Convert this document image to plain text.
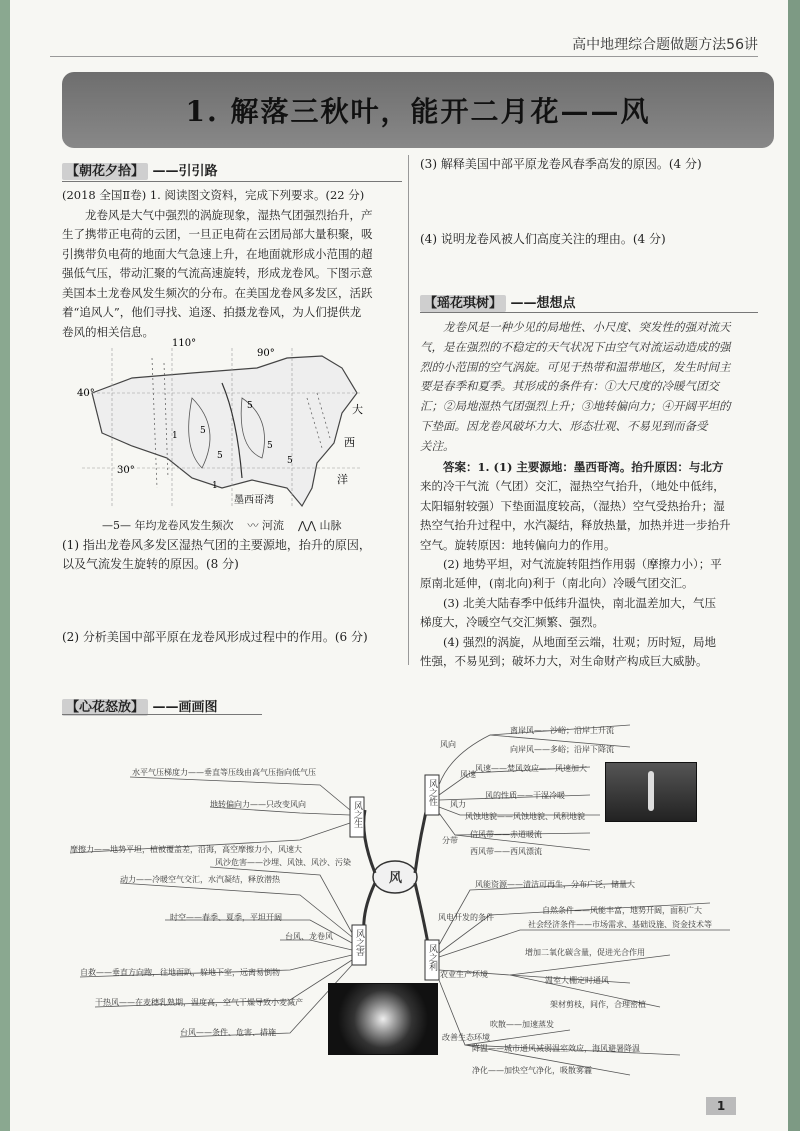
高中地理综合题做题方法56讲
1. 解落三秋叶，能开二月花——风
【朝花夕拾】 ——引引路

(2018 全国Ⅱ卷) 1. 阅读图文资料，完成下列要求。(22 分)

龙卷风是大气中强烈的涡旋现象，湿热气团强烈抬升，产

生了携带正电荷的云团，一旦正电荷在云团局部大量积聚，吸

引携带负电荷的地面大气急速上升，在地面就形成小范围的超

强低气压，带动汇聚的气流高速旋转，形成龙卷风。下图示意

美国本土龙卷风发生频次的分布。在美国龙卷风多发区，活跃

着“追风人”，他们寻找、追逐、拍摄龙卷风，为人们提供龙

卷风的相关信息。

110°
90°
40°
30°
墨西哥湾
大
西
洋
5
5
5
5
5
1
1
—5— 年均龙卷风发生频次 〰 河流 ⋀⋀ 山脉
(1) 指出龙卷风多发区湿热气团的主要源地，抬升的原因，
以及气流发生旋转的原因。(8 分)
(2) 分析美国中部平原在龙卷风形成过程中的作用。(6 分)
(3) 解释美国中部平原龙卷风春季高发的原因。(4 分)
(4) 说明龙卷风被人们高度关注的理由。(4 分)
【瑶花琪树】 ——想想点

龙卷风是一种少见的局地性、小尺度、突发性的强对流天

气，是在强烈的不稳定的天气状况下由空气对流运动造成的强

烈的小范围的空气涡旋。可见于热带和温带地区，发生时间主

要是春季和夏季。其形成的条件有：①大尺度的冷暖气团交

汇；②局地湿热气团强烈上升；③地转偏向力；④开阔平坦的

下垫面。因龙卷风破坏力大、形态壮观、不易见到而备受

关注。

答案：1. (1) 主要源地：墨西哥湾。抬升原因：与北方

来的冷干气流（气团）交汇，湿热空气抬升，（地处中低纬，

太阳辐射较强）下垫面温度较高，（湿热）空气受热抬升；湿

热空气抬升过程中，水汽凝结，释放热量，加热并进一步抬升

空气。旋转原因：地转偏向力的作用。

(2) 地势平坦，对气流旋转阻挡作用弱（摩擦力小）；平

原南北延伸，(南北向)利于（南北向）冷暖气团交汇。

(3) 北美大陆春季中低纬升温快，南北温差加大，气压

梯度大，冷暖空气交汇频繁、强烈。

(4) 强烈的涡旋，从地面至云端，壮观；历时短，局地

性强，不易见到；破坏力大，对生命财产构成巨大威胁。

【心花怒放】 ——画画图
风
风之生
风之性
风之害
风之利
风向
风速
风力
分带
离岸风——沙峪；沿岸上升流
向岸风——多峪；沿岸下降流
风速——焚风效应——风速加大
风的性质——干湿冷暖
风蚀地貌——风蚀地貌、风积地貌
信风带——赤道暖流
西风带——西风漂流
水平气压梯度力——垂直等压线由高气压指向低气压
地转偏向力——只改变风向
摩擦力——地势平坦，植被覆盖差，沿海，高空摩擦力小，风速大
风沙危害——沙埋、风蚀、风沙、污染
动力——冷暖空气交汇，水汽凝结，释放潜热
时空——春季、夏季，平坦开阔
台风、龙卷风
自救——垂直方向跑，往地面趴，躲地下室，远离易倒物
干热风——在麦穗乳熟期，温度高，空气干燥导致小麦减产
台风——条件、危害、措施
风能资源——清洁可再生，分布广泛，储量大
自然条件——风能丰富，地势开阔，面积广大
社会经济条件——市场需求、基础设施、资金技术等
增加二氧化碳含量，促进光合作用
温室大棚定时通风
架材剪枝，间作，合理密植
吹散——加速蒸发
降温——城市通风减弱温室效应，海风避暑降温
净化——加快空气净化，吸散雾霾
风电开发的条件
农业生产环境
改善生态环境
1
